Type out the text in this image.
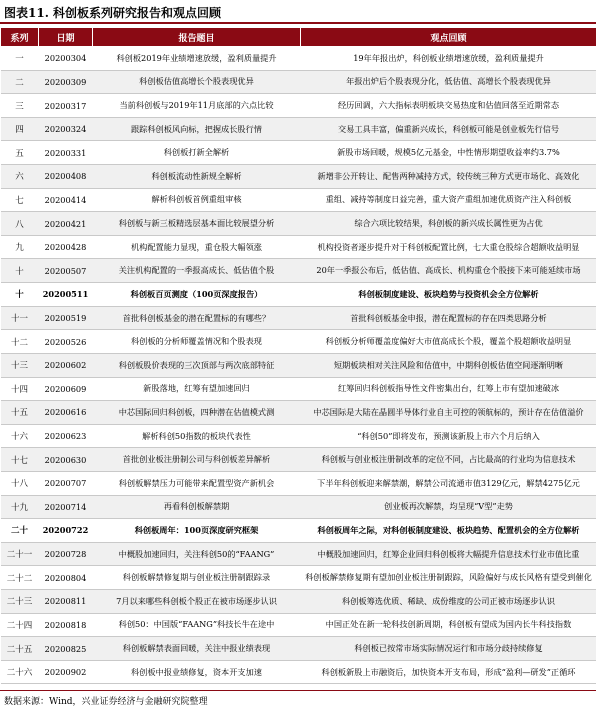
图表11. 科创板系列研究报告和观点回顾
系列	日期	报告题目	观点回顾
一	20200304	科创板2019年业绩增速放缓，盈利质量提升	19年年报出炉，科创板业绩增速放缓，盈利质量提升
二	20200309	科创板估值高增长个股表现优异	年报出炉后个股表现分化，低估值、高增长个股表现优异
三	20200317	当前科创板与2019年11月底部的六点比较	经历回调，六大指标表明板块交易热度和估值回落至近期常态
四	20200324	跟踪科创板风向标，把握成长股行情	交易工具丰富，偏重新兴成长，科创板可能是创业板先行信号
五	20200331	科创板打新全解析	新股市场回暖，规模5亿元基金，中性情形期望收益率约3.7%
六	20200408	科创板流动性新规全解析	新增非公开转让、配售两种减持方式，较传统三种方式更市场化、高效化
七	20200414	解析科创板首例重组审核	重组、减持等制度日益完善，重大资产重组加速优质资产注入科创板
八	20200421	科创板与新三板精选层基本面比较展望分析	综合六项比较结果，科创板的新兴成长属性更为占优
九	20200428	机构配置能力显现，重仓股大幅领涨	机构投资者逐步提升对于科创板配置比例，七大重仓股综合超额收益明显
十	20200507	关注机构配置的一季报高成长、低估值个股	20年一季报公布后，低估值、高成长、机构重仓个股接下来可能延续市场
十	20200511	科创板百页测度（100页深度报告）	科创板制度建设、板块趋势与投资机会全方位解析
十一	20200519	首批科创板基金的潜在配置标的有哪些？	首批科创板基金申报，潜在配置标的存在四类思路分析
十二	20200526	科创板的分析师覆盖情况和个股表现	科创板分析师覆盖度偏好大市值高成长个股，覆盖个股超额收益明显
十三	20200602	科创板股价表现的三次顶部与两次底部特征	短期板块相对关注风险和估值中，中期科创板估值空间逐渐明晰
十四	20200609	新股落地，红筹有望加速回归	红筹回归科创板指导性文件密集出台，红筹上市有望加速破冰
十五	20200616	中芯国际回归科创板，四种潜在估值模式测	中芯国际是大陆在晶圆半导体行业自主可控的领航标的，预计存在估值溢价
十六	20200623	解析科创50指数的板块代表性	“科创50”即将发布，预测该新股上市六个月后纳入
十七	20200630	首批创业板注册制公司与科创板差异解析	科创板与创业板注册制改革的定位不同，占比最高的行业均为信息技术
十八	20200707	科创板解禁压力可能带来配置型资产新机会	下半年科创板迎来解禁潮，解禁公司流通市值3129亿元，解禁4275亿元
十九	20200714	再看科创板解禁期	创业板再次解禁，均呈现“V型”走势
二十	20200722	科创板周年：100页深度研究框架	科创板周年之际，对科创板制度建设、板块趋势、配置机会的全方位解析
二十一	20200728	中概股加速回归，关注科创50的“FAANG”	中概股加速回归，红筹企业回归科创板将大幅提升信息技术行业市值比重
二十二	20200804	科创板解禁修复期与创业板注册制跟踪录	科创板解禁修复期有望加创业板注册制跟踪，风险偏好与成长风格有望受到催化
二十三	20200811	7月以来哪些科创板个股正在被市场逐步认识	科创板筹选优质、稀缺、成份维度的公司正被市场逐步认识
二十四	20200818	科创50：中国版“FAANG”科技长牛在途中	中国正处在新一轮科技创新周期，科创板有望成为国内长牛科技指数
二十五	20200825	科创板解禁表面回暖，关注中报业绩表现	科创板已按常市场实际情况运行和市场分歧持续修复
二十六	20200902	科创板中报业绩修复，资本开支加速	科创板新股上市融资后，加快资本开支布局，形成“盈利—研发”正循环
数据来源：Wind，兴业证券经济与金融研究院整理
